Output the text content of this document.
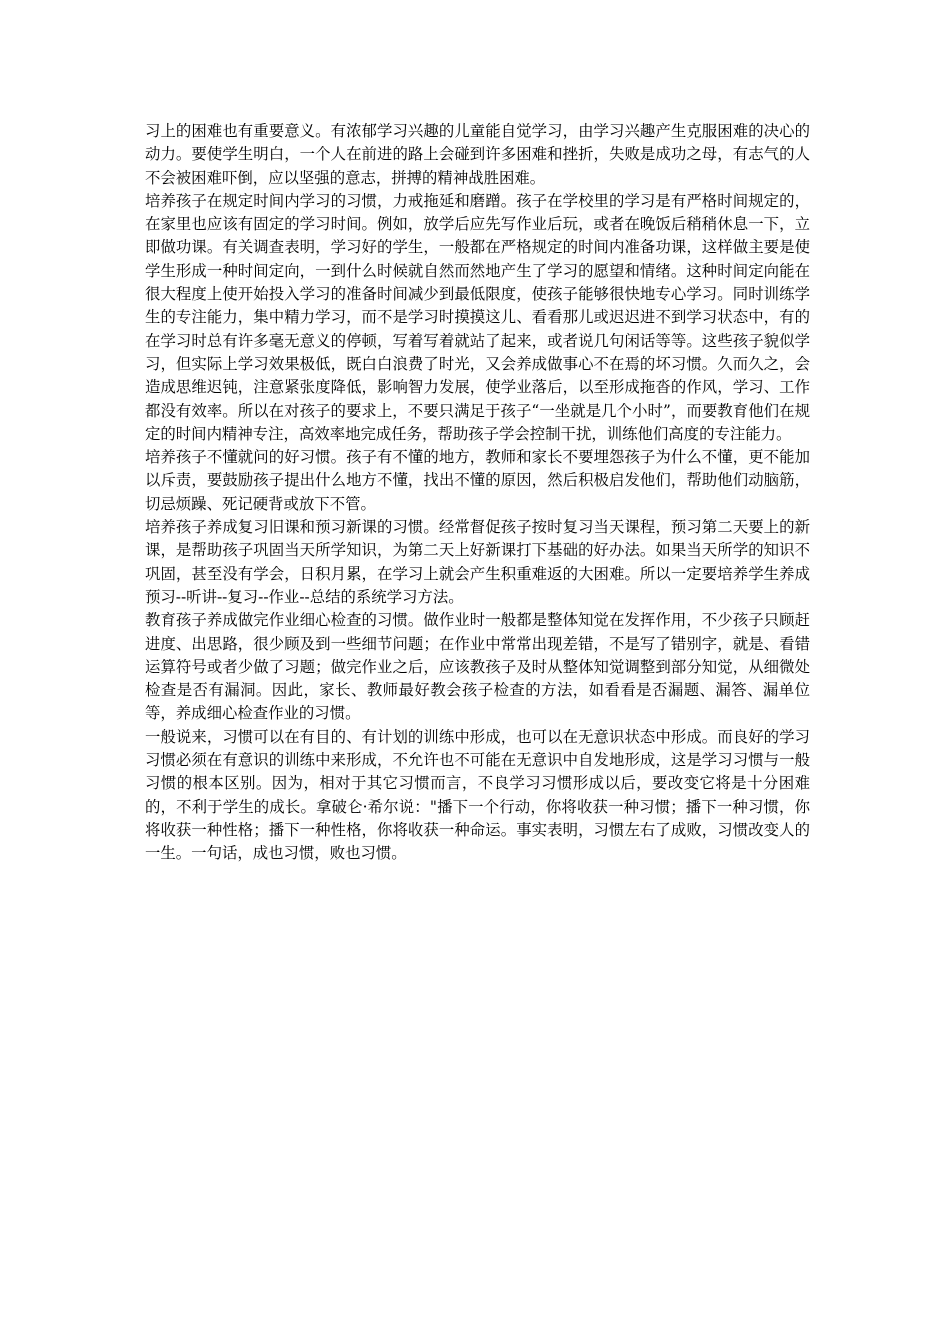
习上的困难也有重要意义。有浓郁学习兴趣的儿童能自觉学习，由学习兴趣产生克服困难的决心的动力。要使学生明白，一个人在前进的路上会碰到许多困难和挫折，失败是成功之母，有志气的人不会被困难吓倒，应以坚强的意志，拼搏的精神战胜困难。

培养孩子在规定时间内学习的习惯，力戒拖延和磨蹭。孩子在学校里的学习是有严格时间规定的，在家里也应该有固定的学习时间。例如，放学后应先写作业后玩，或者在晚饭后稍稍休息一下，立即做功课。有关调查表明，学习好的学生，一般都在严格规定的时间内准备功课，这样做主要是使学生形成一种时间定向，一到什么时候就自然而然地产生了学习的愿望和情绪。这种时间定向能在很大程度上使开始投入学习的准备时间减少到最低限度，使孩子能够很快地专心学习。同时训练学生的专注能力，集中精力学习，而不是学习时摸摸这儿、看看那儿或迟迟进不到学习状态中，有的在学习时总有许多毫无意义的停顿，写着写着就站了起来，或者说几句闲话等等。这些孩子貌似学习，但实际上学习效果极低，既白白浪费了时光，又会养成做事心不在焉的坏习惯。久而久之，会造成思维迟钝，注意紧张度降低，影响智力发展，使学业落后，以至形成拖沓的作风，学习、工作都没有效率。所以在对孩子的要求上，不要只满足于孩子“一坐就是几个小时”，而要教育他们在规定的时间内精神专注，高效率地完成任务，帮助孩子学会控制干扰，训练他们高度的专注能力。

培养孩子不懂就问的好习惯。孩子有不懂的地方，教师和家长不要埋怨孩子为什么不懂，更不能加以斥责，要鼓励孩子提出什么地方不懂，找出不懂的原因，然后积极启发他们，帮助他们动脑筋，切忌烦躁、死记硬背或放下不管。

培养孩子养成复习旧课和预习新课的习惯。经常督促孩子按时复习当天课程，预习第二天要上的新课，是帮助孩子巩固当天所学知识，为第二天上好新课打下基础的好办法。如果当天所学的知识不巩固，甚至没有学会，日积月累，在学习上就会产生积重难返的大困难。所以一定要培养学生养成预习--听讲--复习--作业--总结的系统学习方法。

教育孩子养成做完作业细心检查的习惯。做作业时一般都是整体知觉在发挥作用，不少孩子只顾赶进度、出思路，很少顾及到一些细节问题；在作业中常常出现差错，不是写了错别字，就是、看错运算符号或者少做了习题；做完作业之后，应该教孩子及时从整体知觉调整到部分知觉，从细微处检查是否有漏洞。因此，家长、教师最好教会孩子检查的方法，如看看是否漏题、漏答、漏单位等，养成细心检查作业的习惯。

一般说来，习惯可以在有目的、有计划的训练中形成，也可以在无意识状态中形成。而良好的学习习惯必须在有意识的训练中来形成，不允许也不可能在无意识中自发地形成，这是学习习惯与一般习惯的根本区别。因为，相对于其它习惯而言，不良学习习惯形成以后，要改变它将是十分困难的，不利于学生的成长。拿破仑·希尔说："播下一个行动，你将收获一种习惯；播下一种习惯，你将收获一种性格；播下一种性格，你将收获一种命运。事实表明，习惯左右了成败，习惯改变人的一生。一句话，成也习惯，败也习惯。
